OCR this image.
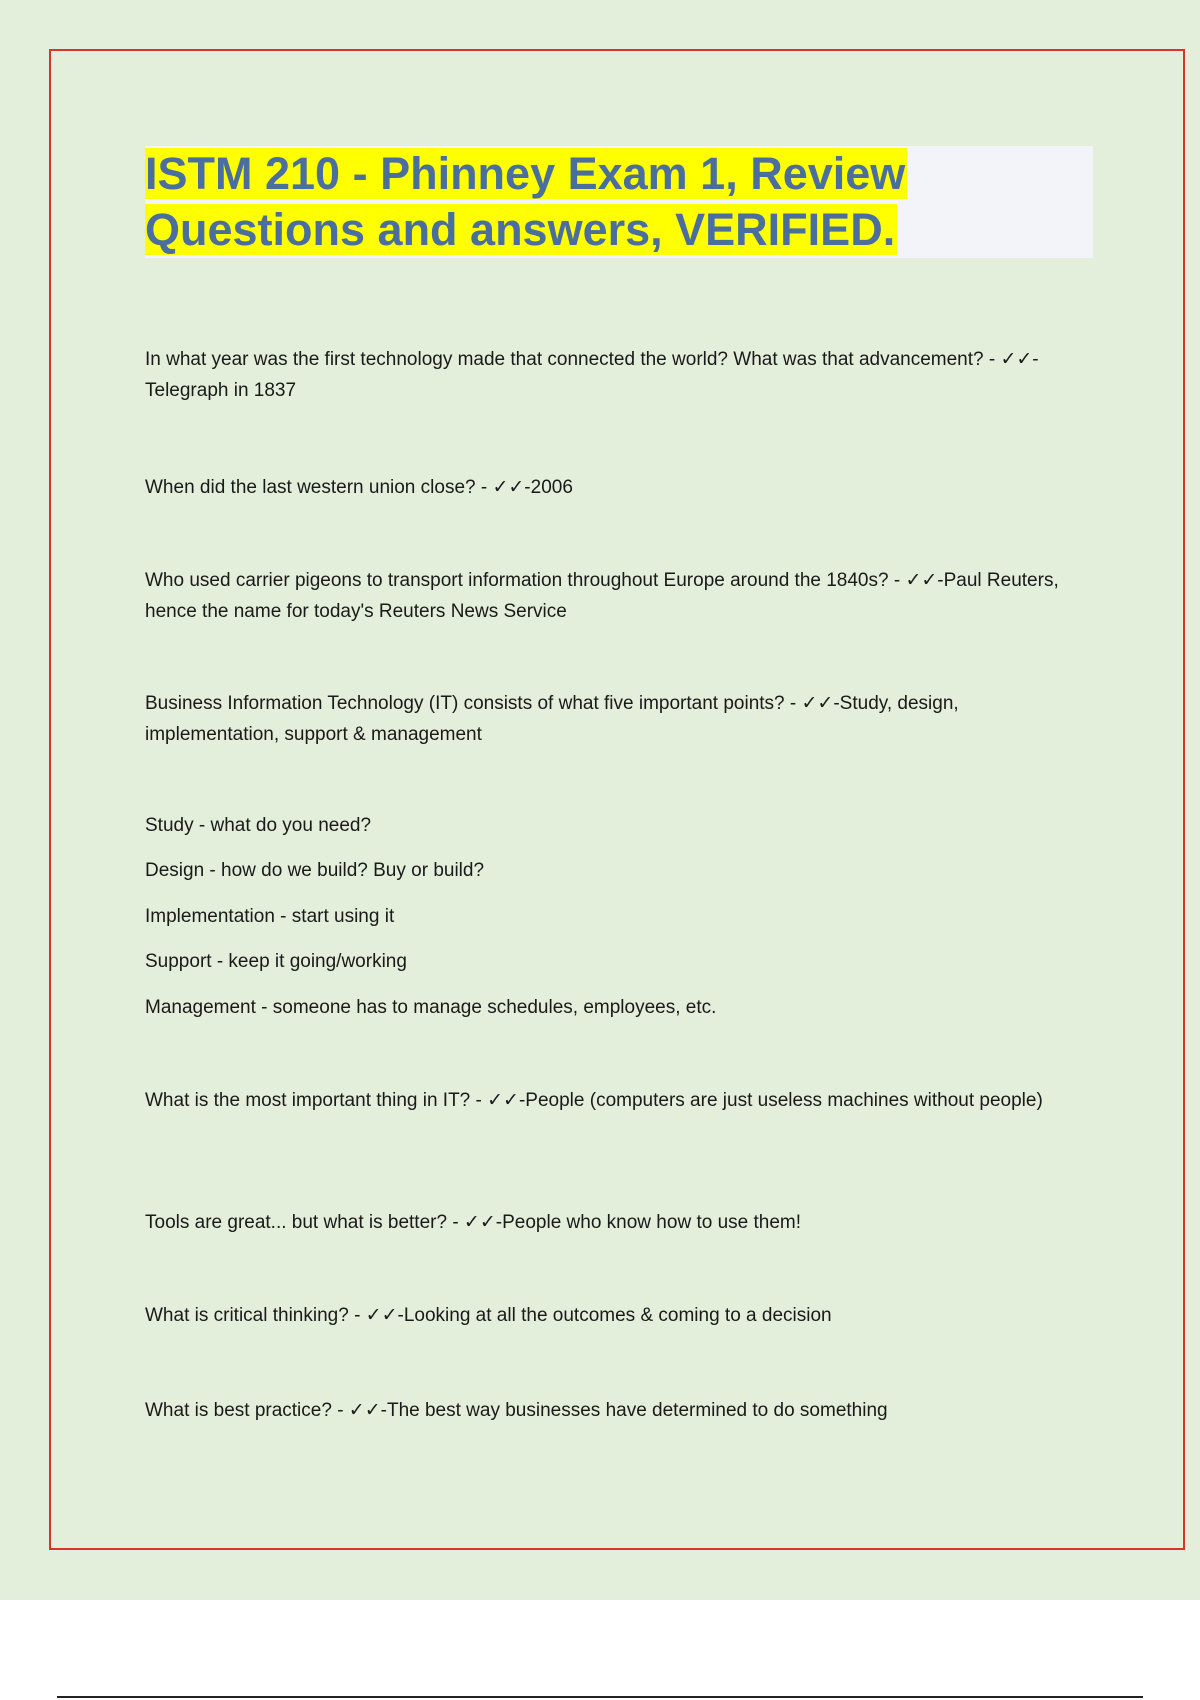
ISTM 210 - Phinney Exam 1, Review Questions and answers, VERIFIED.

In what year was the first technology made that connected the world? What was that advancement? - ✓✓-Telegraph in 1837

When did the last western union close? - ✓✓-2006

Who used carrier pigeons to transport information throughout Europe around the 1840s? - ✓✓-Paul Reuters, hence the name for today's Reuters News Service

Business Information Technology (IT) consists of what five important points? - ✓✓-Study, design, implementation, support & management

Study - what do you need?

Design - how do we build? Buy or build?

Implementation - start using it

Support - keep it going/working

Management - someone has to manage schedules, employees, etc.

What is the most important thing in IT? - ✓✓-People (computers are just useless machines without people)

Tools are great... but what is better? - ✓✓-People who know how to use them!

What is critical thinking? - ✓✓-Looking at all the outcomes & coming to a decision

What is best practice? - ✓✓-The best way businesses have determined to do something
